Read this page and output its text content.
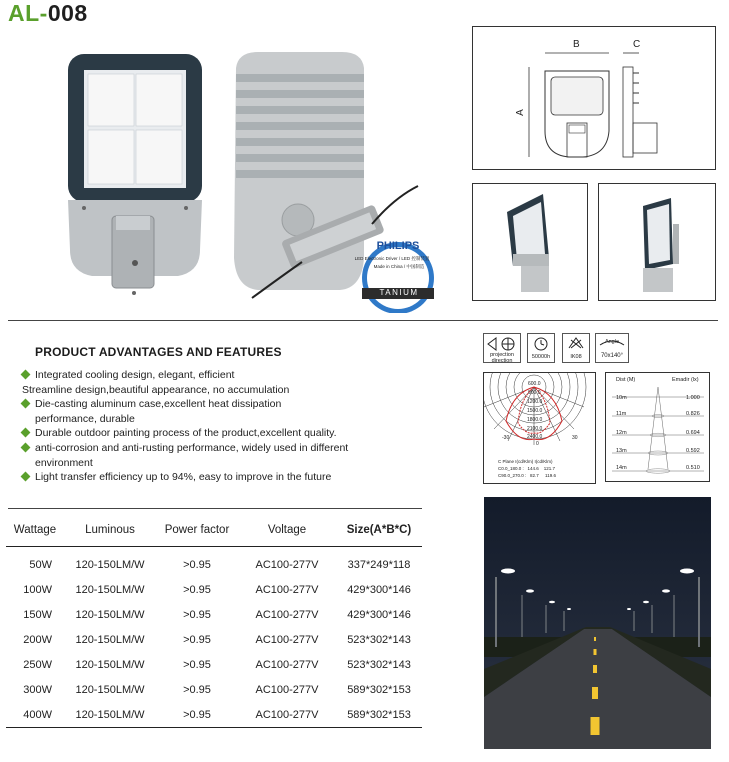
AL-008
PHILIPS
LED Electronic Driver / LED 控制装置
Made in China / 中国制造
TANIUM
B	C
A
projection direction
50000h	IK08
Angle
70x140°
600.0
900.0
1200.0
1500.0
1800.0
2100.0
2400.0
-30	30
0
C Plane I(cd/Klm) I(cd/Klm)
C0.0_180.0 :   144.6    121.7
C90.0_270.0 :   82.7     119.6
Dist (M)	Emadir (lx)
10m	1.000
11m	0.826
12m	0.694
13m	0.592
14m	0.510
PRODUCT ADVANTAGES AND FEATURES
Integrated cooling design, elegant, efficient
Streamline design,beautiful appearance, no accumulation
Die-casting aluminum case,excellent heat dissipation
performance, durable
Durable outdoor painting process of the product,excellent quality.
anti-corrosion and anti-rusting performance, widely used in different
environment
Light transfer efficiency up to 94%, easy to improve in the future
Wattage	Luminous	Power factor	Voltage	Size(A*B*C)
50W	120-150LM/W	>0.95	AC100-277V	337*249*118
100W	120-150LM/W	>0.95	AC100-277V	429*300*146
150W	120-150LM/W	>0.95	AC100-277V	429*300*146
200W	120-150LM/W	>0.95	AC100-277V	523*302*143
250W	120-150LM/W	>0.95	AC100-277V	523*302*143
300W	120-150LM/W	>0.95	AC100-277V	589*302*153
400W	120-150LM/W	>0.95	AC100-277V	589*302*153
